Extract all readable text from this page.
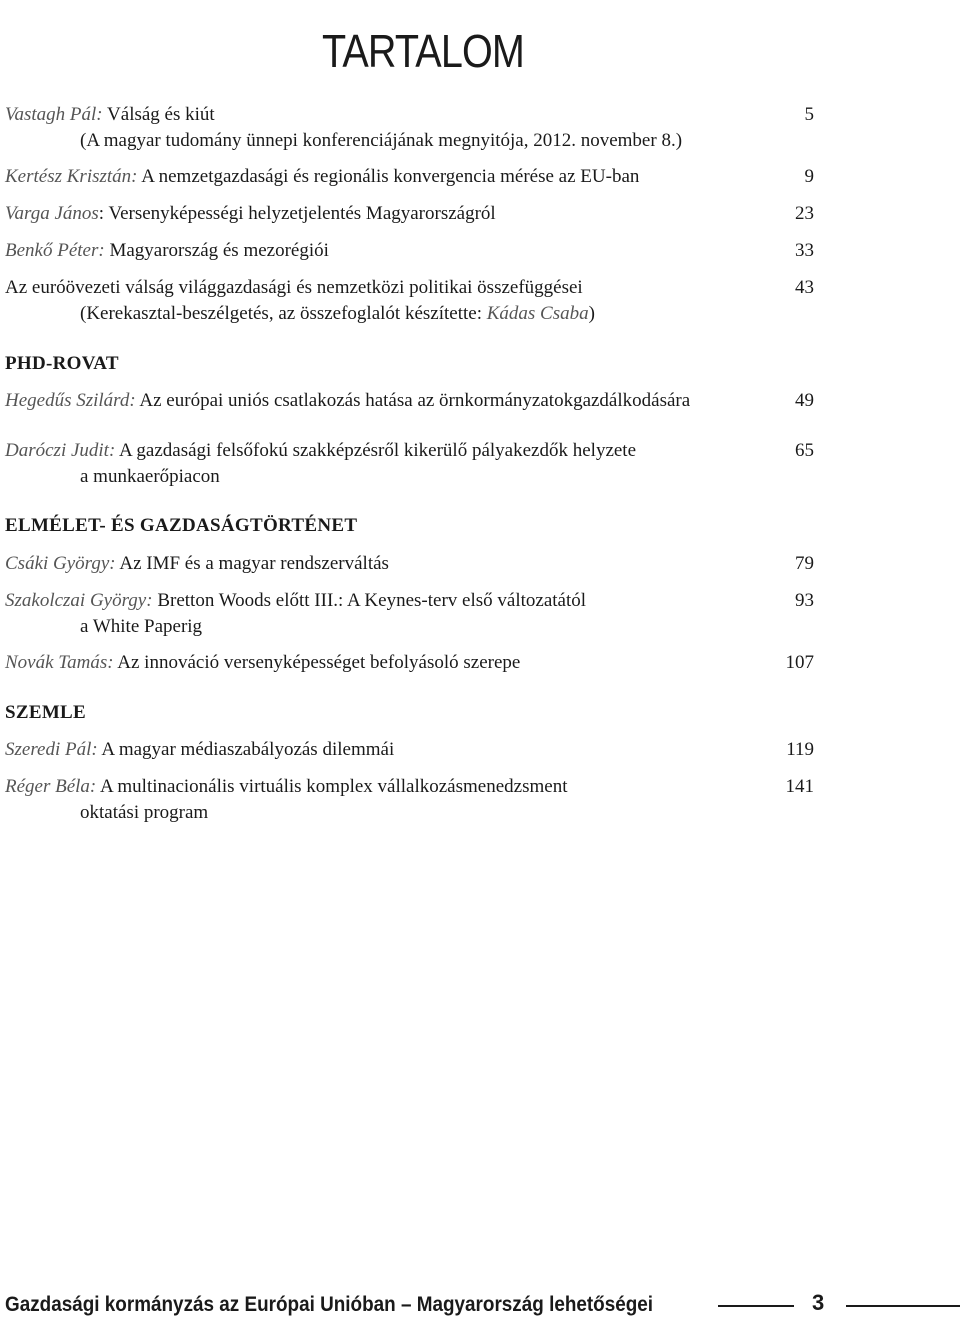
TARTALOM
Vastagh Pál: Válság és kiút	5
(A magyar tudomány ünnepi konferenciájának megnyitója, 2012. november 8.)
Kertész Krisztán: A nemzetgazdasági és regionális konvergencia mérése az EU-ban	9
Varga János: Versenyképességi helyzetjelentés Magyarországról	23
Benkő Péter: Magyarország és mezorégiói	33
Az euróövezeti válság világgazdasági és nemzetközi politikai összefüggései	43
(Kerekasztal-beszélgetés, az összefoglalót készítette: Kádas Csaba)
PHD-ROVAT
Hegedűs Szilárd: Az európai uniós csatlakozás hatása az örnkormányzatokgazdálkodására	49
Daróczi Judit: A gazdasági felsőfokú szakképzésről kikerülő pályakezdők helyzete	65
a munkaerőpiacon
ELMÉLET- ÉS GAZDASÁGTÖRTÉNET
Csáki György: Az IMF és a magyar rendszerváltás	79
Szakolczai György: Bretton Woods előtt III.: A Keynes-terv első változatától	93
a White Paperig
Novák Tamás: Az innováció versenyképességet befolyásoló szerepe	107
SZEMLE
Szeredi Pál: A magyar médiaszabályozás dilemmái	119
Réger Béla: A multinacionális virtuális komplex vállalkozásmenedzsment	141
oktatási program
Gazdasági kormányzás az Európai Unióban – Magyarország lehetőségei	3
